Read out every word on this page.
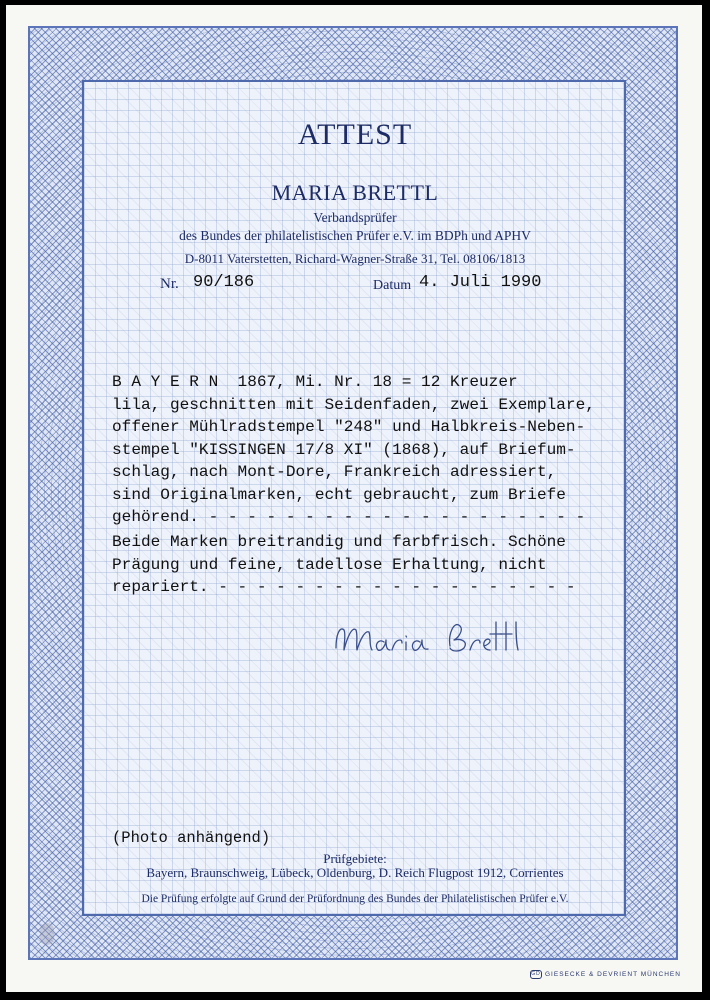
ATTEST
MARIA BRETTL
Verbandsprüfer
des Bundes der philatelistischen Prüfer e.V. im BDPh und APHV
D-8011 Vaterstetten, Richard-Wagner-Straße 31, Tel. 08106/1813
Nr. 90/186	Datum 4. Juli 1990
B A Y E R N  1867, Mi. Nr. 18 = 12 Kreuzer
lila, geschnitten mit Seidenfaden, zwei Exemplare,
offener Mühlradstempel "248" und Halbkreis-Neben-
stempel "KISSINGEN 17/8 XI" (1868), auf Briefum-
schlag, nach Mont-Dore, Frankreich adressiert,
sind Originalmarken, echt gebraucht, zum Briefe
gehörend. - - - - - - - - - - - - - - - - - - - -
Beide Marken breitrandig und farbfrisch. Schöne
Prägung und feine, tadellose Erhaltung, nicht
repariert. - - - - - - - - - - - - - - - - - - -
(Photo anhängend)
Prüfgebiete:
Bayern, Braunschweig, Lübeck, Oldenburg, D. Reich Flugpost 1912, Corrientes
Die Prüfung erfolgte auf Grund der Prüfordnung des Bundes der Philatelistischen Prüfer e.V.
GD GIESECKE & DEVRIENT MÜNCHEN
